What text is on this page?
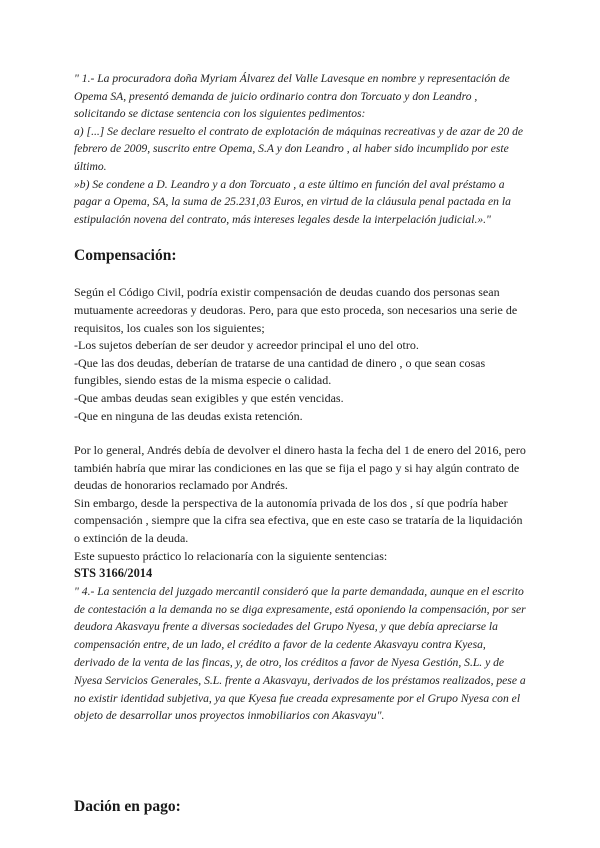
" 1.- La procuradora doña Myriam Álvarez del Valle Lavesque en nombre y representación de Opema SA, presentó demanda de juicio ordinario contra don Torcuato y don Leandro , solicitando se dictase sentencia con los siguientes pedimentos:

a) [...] Se declare resuelto el contrato de explotación de máquinas recreativas y de azar de 20 de febrero de 2009, suscrito entre Opema, S.A y don Leandro , al haber sido incumplido por este último.

»b) Se condene a D. Leandro y a don Torcuato , a este último en función del aval préstamo a pagar a Opema, SA, la suma de 25.231,03 Euros, en virtud de la cláusula penal pactada en la estipulación novena del contrato, más intereses legales desde la interpelación judicial.»."

Compensación:

Según el Código Civil, podría existir compensación de deudas cuando dos personas sean mutuamente acreedoras y deudoras. Pero, para que esto proceda, son necesarios una serie de requisitos, los cuales son los siguientes;

-Los sujetos deberían de ser deudor y acreedor principal el uno del otro.

-Que las dos deudas, deberían de tratarse de una cantidad de dinero , o que sean cosas fungibles, siendo estas de la misma especie o calidad.

-Que ambas deudas sean exigibles y que estén vencidas.

-Que en ninguna de las deudas exista retención.

Por lo general, Andrés debía de devolver el dinero hasta la fecha del 1 de enero del 2016, pero también habría que mirar las condiciones en las que se fija el pago y si hay algún contrato de deudas de honorarios reclamado por Andrés.

Sin embargo, desde la perspectiva de la autonomía privada de los dos , sí que podría haber compensación , siempre que la cifra sea efectiva, que en este caso se trataría de la liquidación o extinción de la deuda.

Este supuesto práctico lo relacionaría con la siguiente sentencias:

STS 3166/2014

" 4.- La sentencia del juzgado mercantil consideró que la parte demandada, aunque en el escrito de contestación a la demanda no se diga expresamente, está oponiendo la compensación, por ser deudora Akasvayu frente a diversas sociedades del Grupo Nyesa, y que debía apreciarse la compensación entre, de un lado, el crédito a favor de la cedente Akasvayu contra Kyesa, derivado de la venta de las fincas, y, de otro, los créditos a favor de Nyesa Gestión, S.L. y de Nyesa Servicios Generales, S.L. frente a Akasvayu, derivados de los préstamos realizados, pese a no existir identidad subjetiva, ya que Kyesa fue creada expresamente por el Grupo Nyesa con el objeto de desarrollar unos proyectos inmobiliarios con Akasvayu".

Dación en pago:
